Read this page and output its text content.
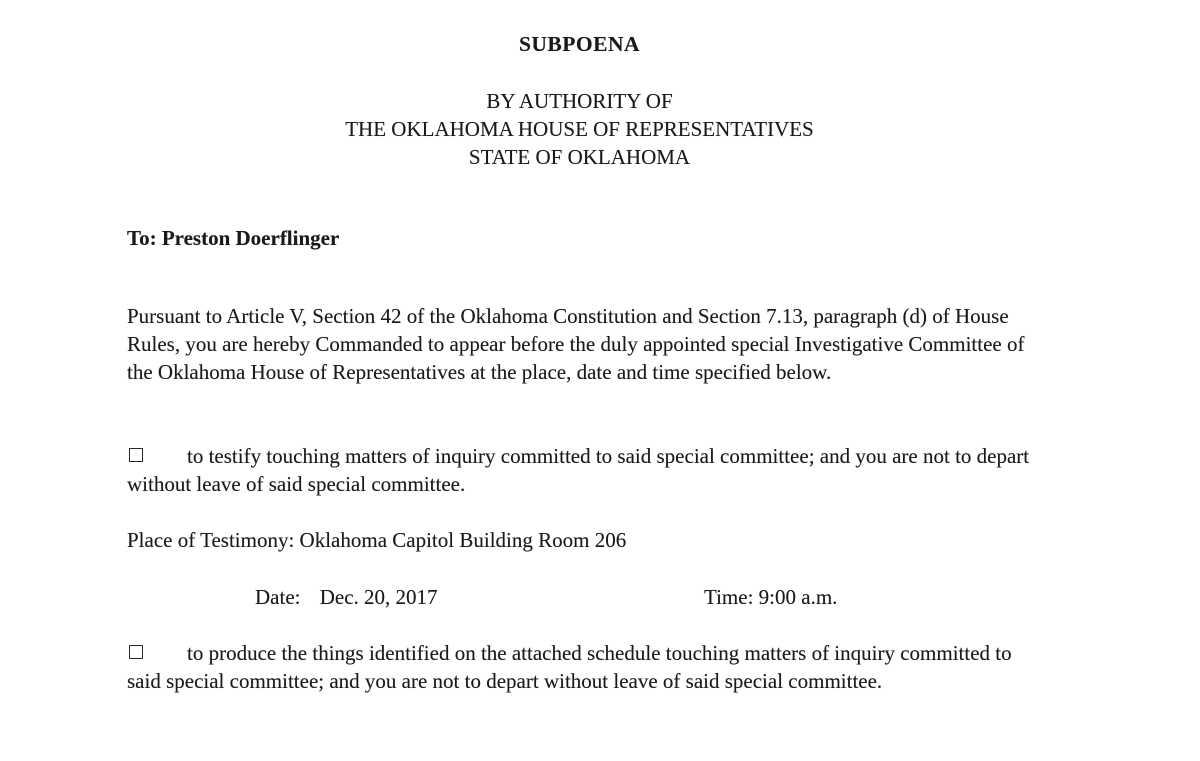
SUBPOENA
BY AUTHORITY OF
THE OKLAHOMA HOUSE OF REPRESENTATIVES
STATE OF OKLAHOMA
To: Preston Doerflinger
Pursuant to Article V, Section 42 of the Oklahoma Constitution and Section 7.13, paragraph (d) of House Rules, you are hereby Commanded to appear before the duly appointed special Investigative Committee of the Oklahoma House of Representatives at the place, date and time specified below.
to testify touching matters of inquiry committed to said special committee; and you are not to depart without leave of said special committee.
Place of Testimony: Oklahoma Capitol Building Room 206
Date: Dec. 20, 2017	Time: 9:00 a.m.
to produce the things identified on the attached schedule touching matters of inquiry committed to said special committee; and you are not to depart without leave of said special committee.
